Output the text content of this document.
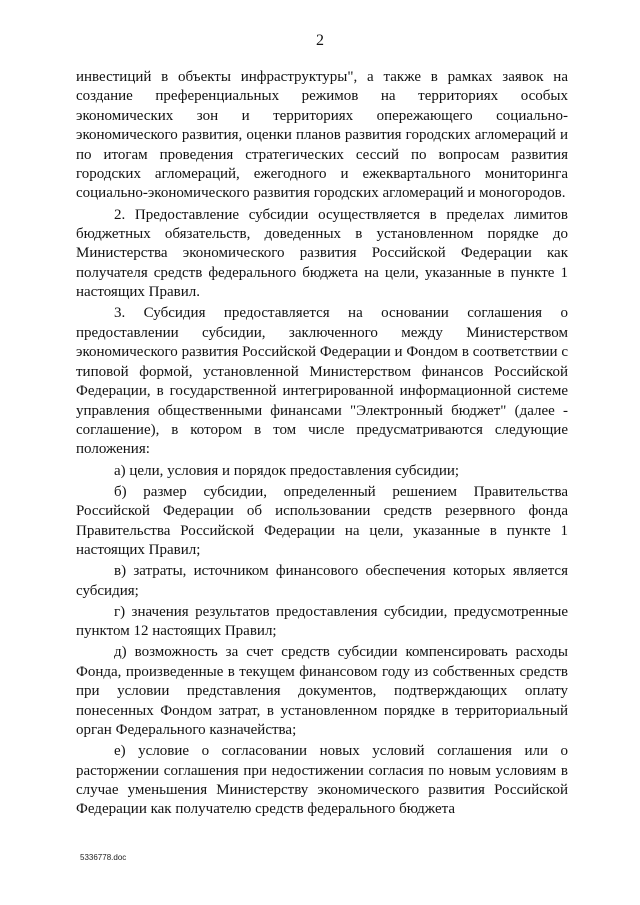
2

инвестиций в объекты инфраструктуры", а также в рамках заявок на создание преференциальных режимов на территориях особых экономических зон и территориях опережающего социально-экономического развития, оценки планов развития городских агломераций и по итогам проведения стратегических сессий по вопросам развития городских агломераций, ежегодного и ежеквартального мониторинга социально-экономического развития городских агломераций и моногородов.

2. Предоставление субсидии осуществляется в пределах лимитов бюджетных обязательств, доведенных в установленном порядке до Министерства экономического развития Российской Федерации как получателя средств федерального бюджета на цели, указанные в пункте 1 настоящих Правил.

3. Субсидия предоставляется на основании соглашения о предоставлении субсидии, заключенного между Министерством экономического развития Российской Федерации и Фондом в соответствии с типовой формой, установленной Министерством финансов Российской Федерации, в государственной интегрированной информационной системе управления общественными финансами "Электронный бюджет" (далее - соглашение), в котором в том числе предусматриваются следующие положения:

а) цели, условия и порядок предоставления субсидии;

б) размер субсидии, определенный решением Правительства Российской Федерации об использовании средств резервного фонда Правительства Российской Федерации на цели, указанные в пункте 1 настоящих Правил;

в) затраты, источником финансового обеспечения которых является субсидия;

г) значения результатов предоставления субсидии, предусмотренные пунктом 12 настоящих Правил;

д) возможность за счет средств субсидии компенсировать расходы Фонда, произведенные в текущем финансовом году из собственных средств при условии представления документов, подтверждающих оплату понесенных Фондом затрат, в установленном порядке в территориальный орган Федерального казначейства;

е) условие о согласовании новых условий соглашения или о расторжении соглашения при недостижении согласия по новым условиям в случае уменьшения Министерству экономического развития Российской Федерации как получателю средств федерального бюджета

5336778.doc
